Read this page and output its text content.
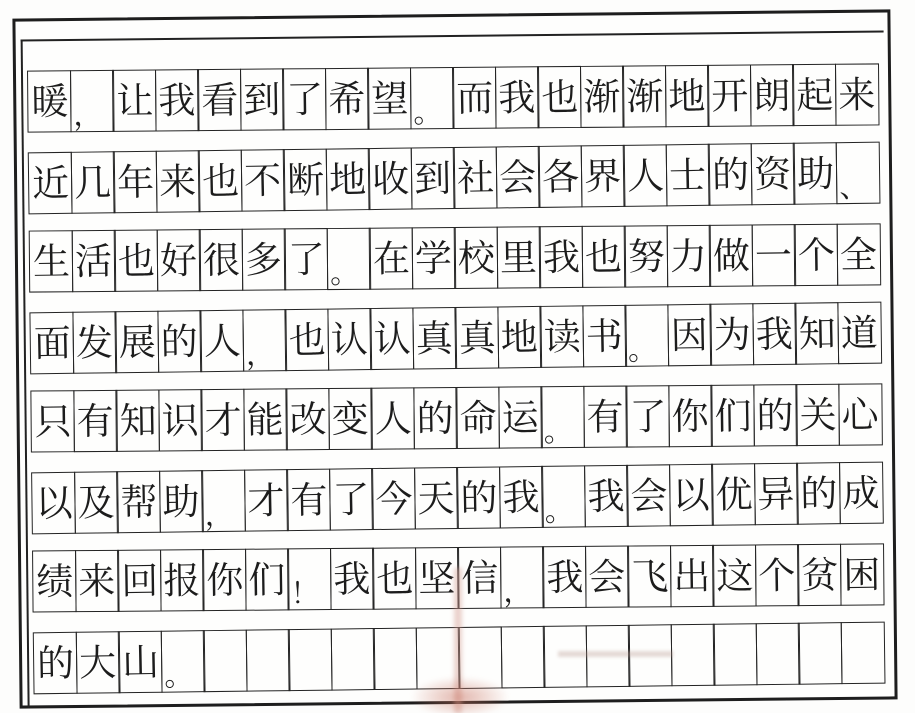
暖 ， 让 我 看 到 了 希 望 。 而 我 也 渐 渐 地 开 朗 起 来
近 几 年 来 也 不 断 地 收 到 社 会 各 界 人 士 的 资 助 、
生 活 也 好 很 多 了 。 在 学 校 里 我 也 努 力 做 一 个 全
面 发 展 的 人 ， 也 认 认 真 真 地 读 书 。 因 为 我 知 道
只 有 知 识 才 能 改 变 人 的 命 运 。 有 了 你 们 的 关 心
以 及 帮 助 ， 才 有 了 今 天 的 我 。 我 会 以 优 异 的 成
绩 来 回 报 你 们 ！ 我 也 坚 信 ， 我 会 飞 出 这 个 贫 困
的 大 山 。
